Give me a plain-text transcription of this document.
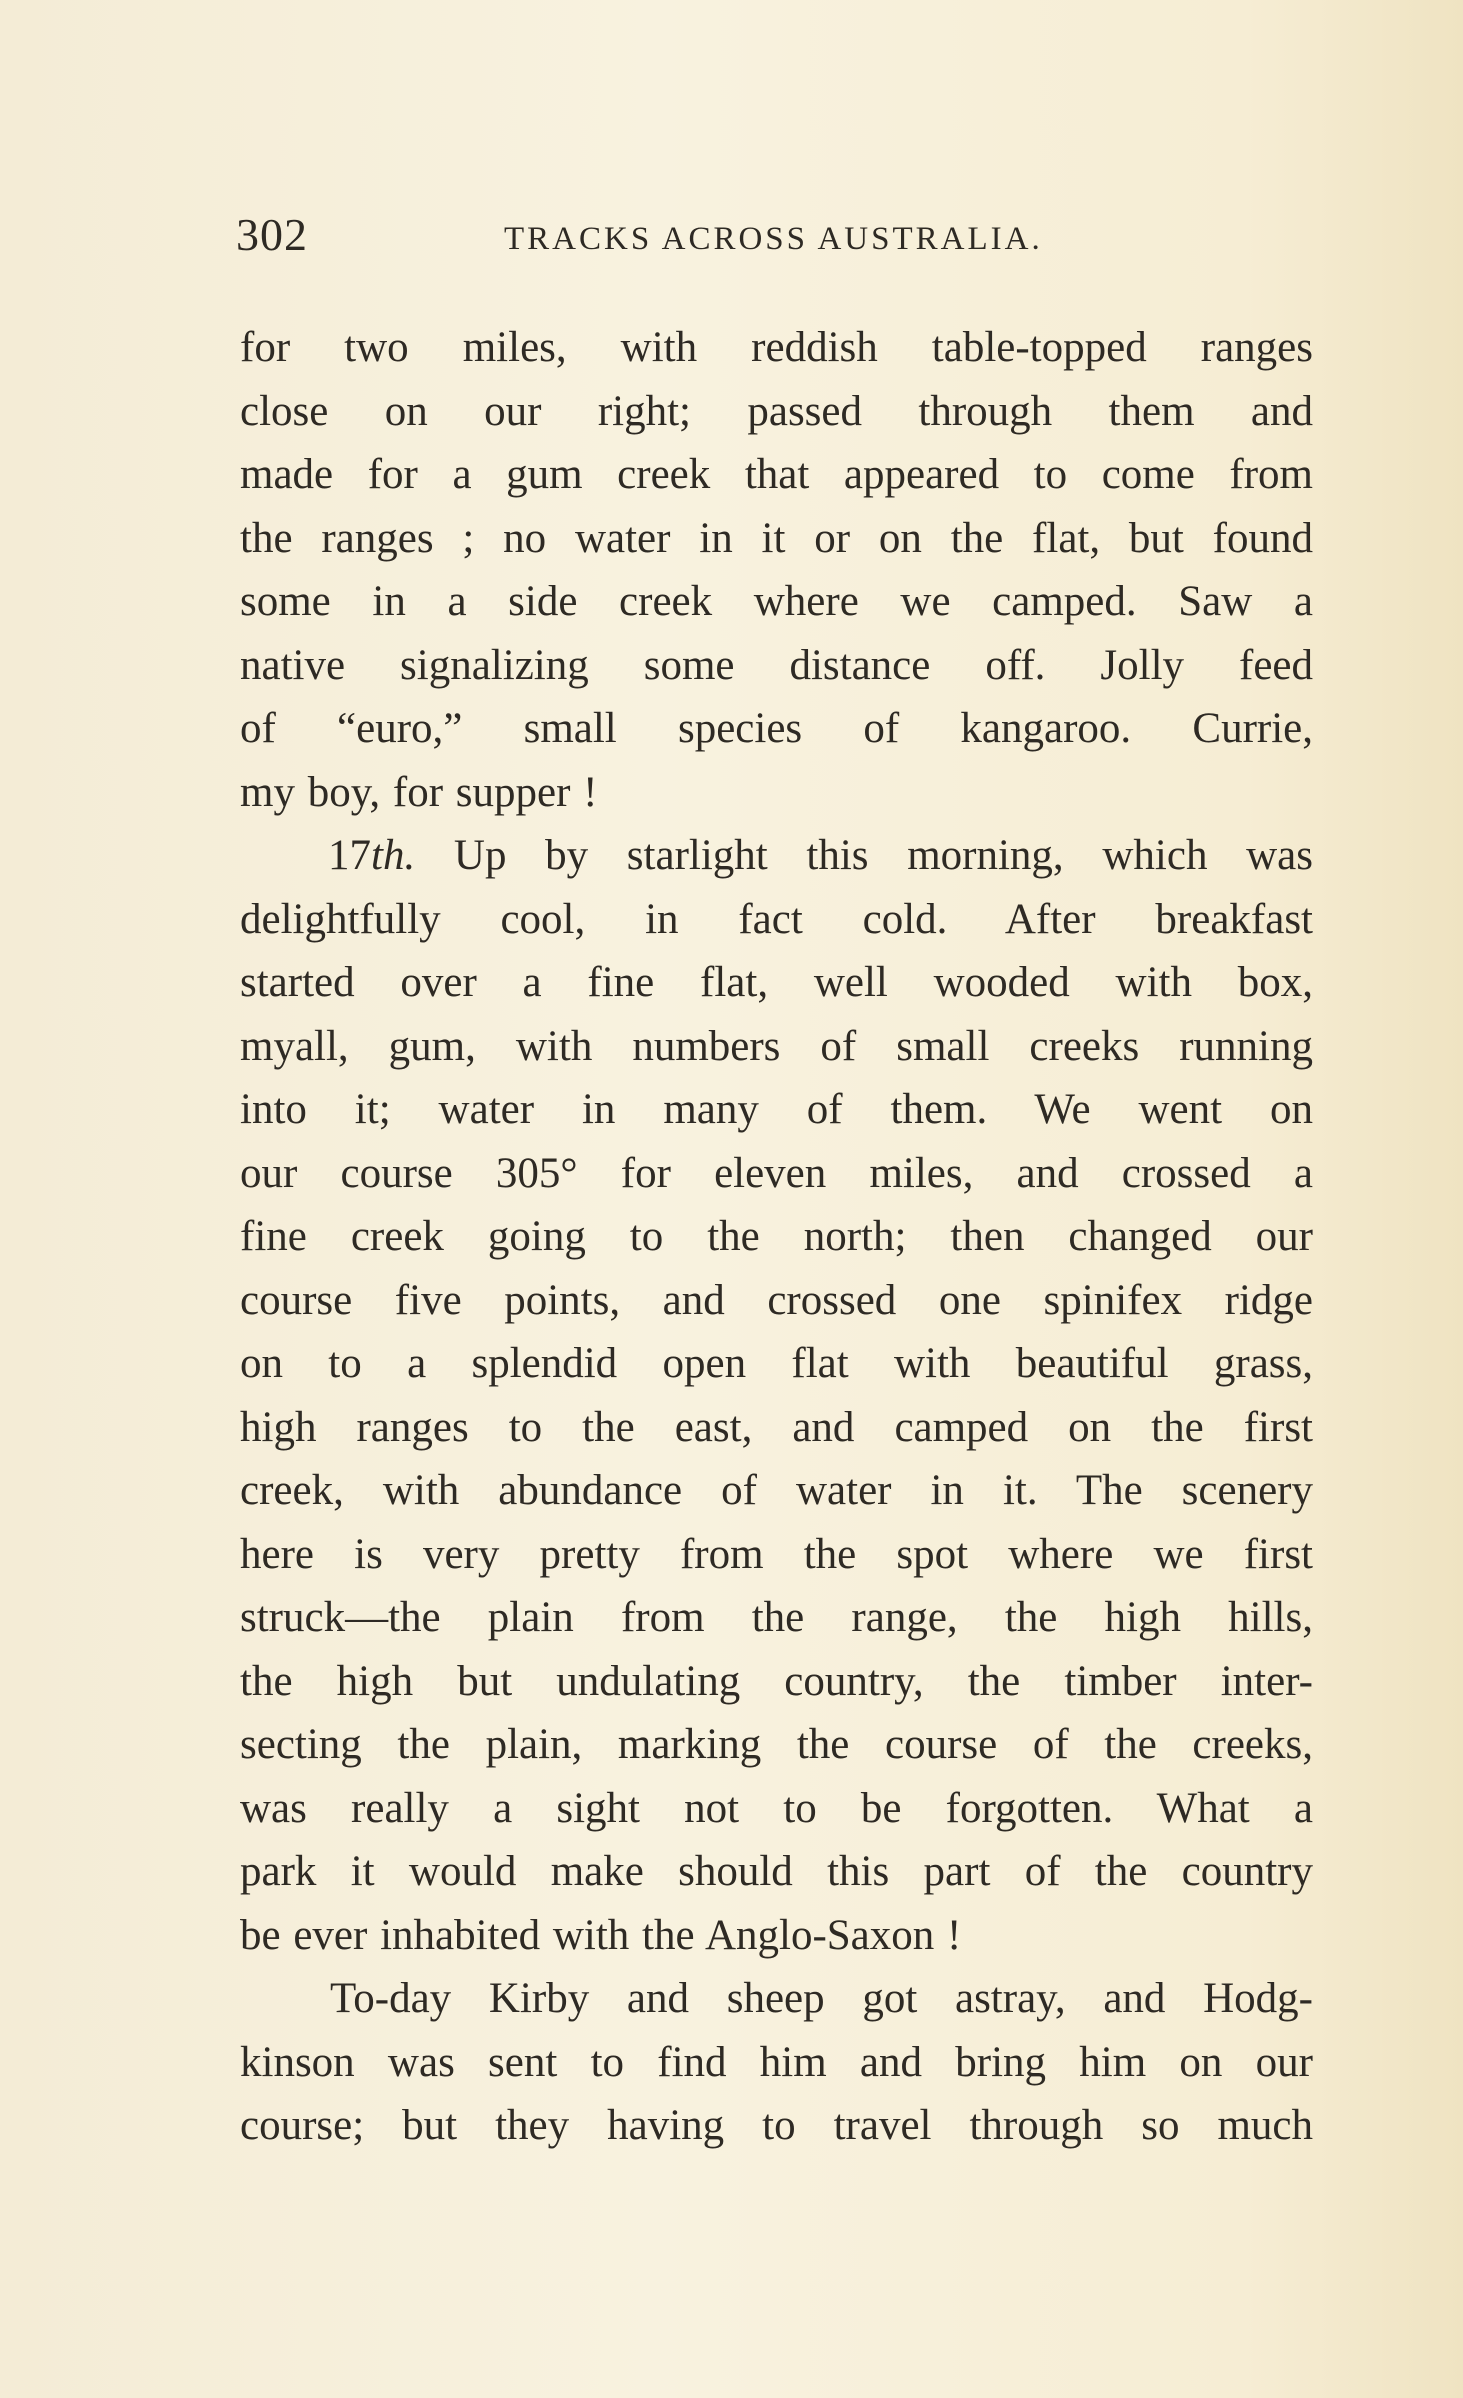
302	TRACKS ACROSS AUSTRALIA.
for two miles, with reddish table-topped ranges
close on our right; passed through them and
made for a gum creek that appeared to come from
the ranges ; no water in it or on the flat, but found
some in a side creek where we camped. Saw a
native signalizing some distance off. Jolly feed
of “euro,” small species of kangaroo. Currie,
my boy, for supper !
17th. Up by starlight this morning, which was
delightfully cool, in fact cold. After breakfast
started over a fine flat, well wooded with box,
myall, gum, with numbers of small creeks running
into it; water in many of them. We went on
our course 305° for eleven miles, and crossed a
fine creek going to the north; then changed our
course five points, and crossed one spinifex ridge
on to a splendid open flat with beautiful grass,
high ranges to the east, and camped on the first
creek, with abundance of water in it. The scenery
here is very pretty from the spot where we first
struck—the plain from the range, the high hills,
the high but undulating country, the timber inter-
secting the plain, marking the course of the creeks,
was really a sight not to be forgotten. What a
park it would make should this part of the country
be ever inhabited with the Anglo-Saxon !
To-day Kirby and sheep got astray, and Hodg-
kinson was sent to find him and bring him on our
course; but they having to travel through so much
